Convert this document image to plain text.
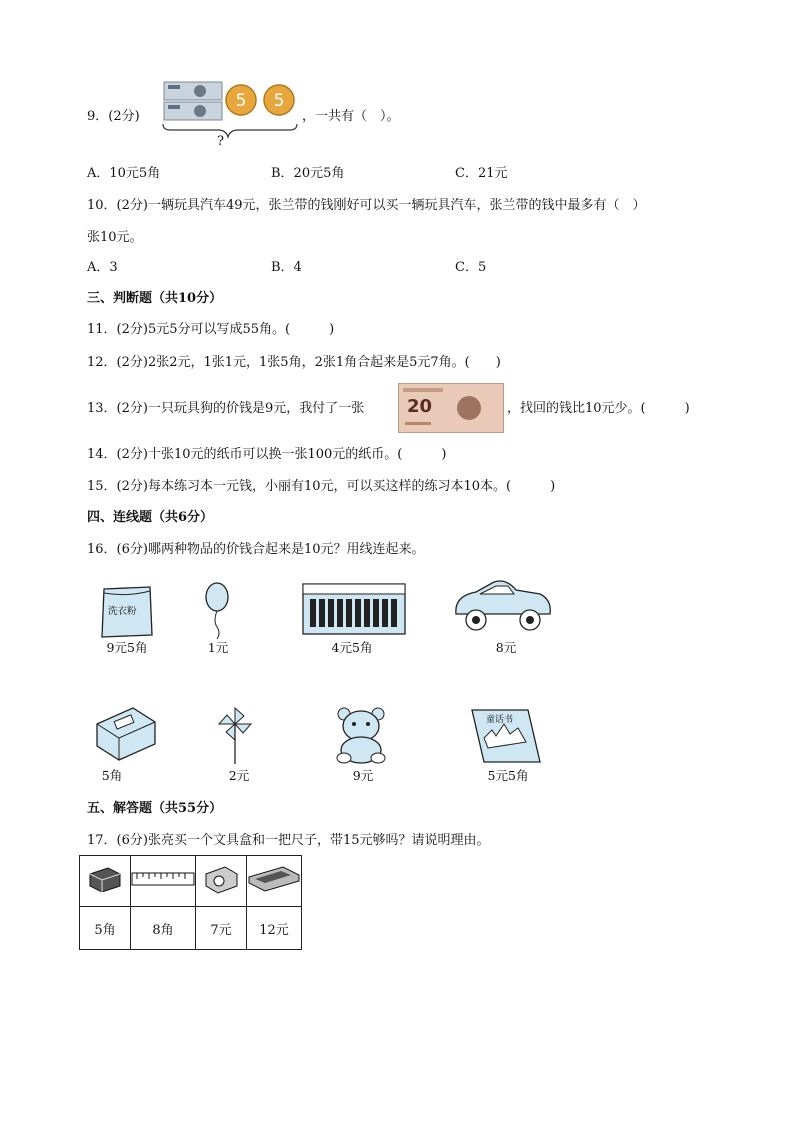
9．(2分)
5 5
?
，一共有（　）。
A．10元5角	B．20元5角	C．21元
10．(2分)一辆玩具汽车49元，张兰带的钱刚好可以买一辆玩具汽车，张兰带的钱中最多有（　）
张10元。
A．3	B．4	C．5
三、判断题（共10分）
11．(2分)5元5分可以写成55角。(　　　)
12．(2分)2张2元，1张1元，1张5角，2张1角合起来是5元7角。(　　)
13．(2分)一只玩具狗的价钱是9元，我付了一张 20	，找回的钱比10元少。(　　　)
14．(2分)十张10元的纸币可以换一张100元的纸币。(　　　)
15．(2分)每本练习本一元钱，小丽有10元，可以买这样的练习本10本。(　　　)
四、连线题（共6分）
16．(6分)哪两种物品的价钱合起来是10元？用线连起来。
洗衣粉
9元5角	1元	4元5角	8元
5角	2元	9元
童话书
5元5角
五、解答题（共55分）
17．(6分)张亮买一个文具盒和一把尺子，带15元够吗？请说明理由。

5角	8角	7元	12元
